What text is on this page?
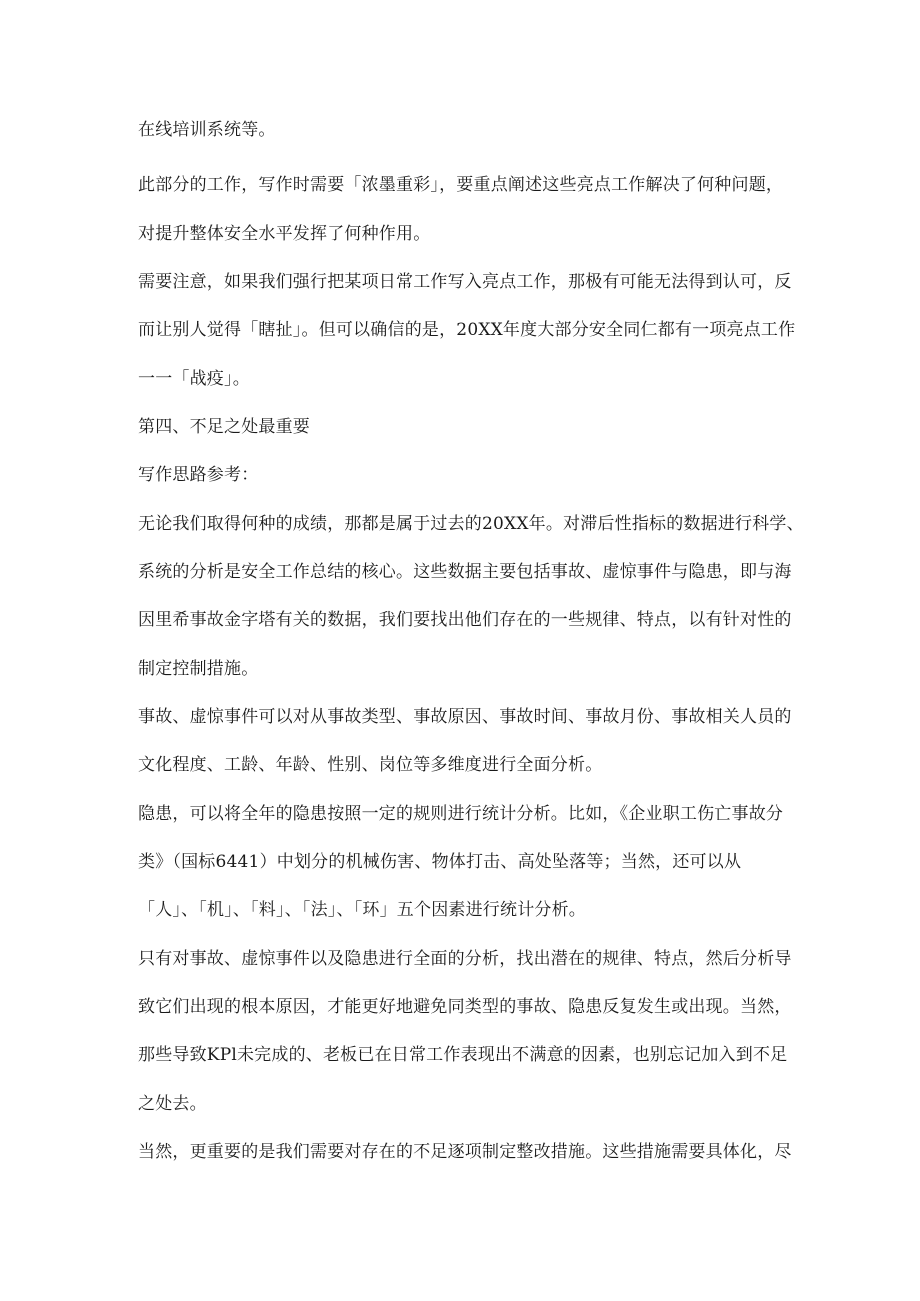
在线培训系统等。

此部分的工作，写作时需要「浓墨重彩」，要重点阐述这些亮点工作解决了何种问题，

对提升整体安全水平发挥了何种作用。

需要注意，如果我们强行把某项日常工作写入亮点工作，那极有可能无法得到认可，反

而让别人觉得「瞎扯」。但可以确信的是，20XX年度大部分安全同仁都有一项亮点工作

一一「战疫」。

第四、不足之处最重要

写作思路参考：

无论我们取得何种的成绩，那都是属于过去的20XX年。对滞后性指标的数据进行科学、

系统的分析是安全工作总结的核心。这些数据主要包括事故、虚惊事件与隐患，即与海

因里希事故金字塔有关的数据，我们要找出他们存在的一些规律、特点，以有针对性的

制定控制措施。

事故、虚惊事件可以对从事故类型、事故原因、事故时间、事故月份、事故相关人员的

文化程度、工龄、年龄、性别、岗位等多维度进行全面分析。

隐患，可以将全年的隐患按照一定的规则进行统计分析。比如，《企业职工伤亡事故分

类》（国标6441）中划分的机械伤害、物体打击、高处坠落等；当然，还可以从

「人」、「机」、「料」、「法」、「环」五个因素进行统计分析。

只有对事故、虚惊事件以及隐患进行全面的分析，找出潜在的规律、特点，然后分析导

致它们出现的根本原因，才能更好地避免同类型的事故、隐患反复发生或出现。当然，

那些导致KPl未完成的、老板已在日常工作表现出不满意的因素，也别忘记加入到不足

之处去。

当然，更重要的是我们需要对存在的不足逐项制定整改措施。这些措施需要具体化，尽
